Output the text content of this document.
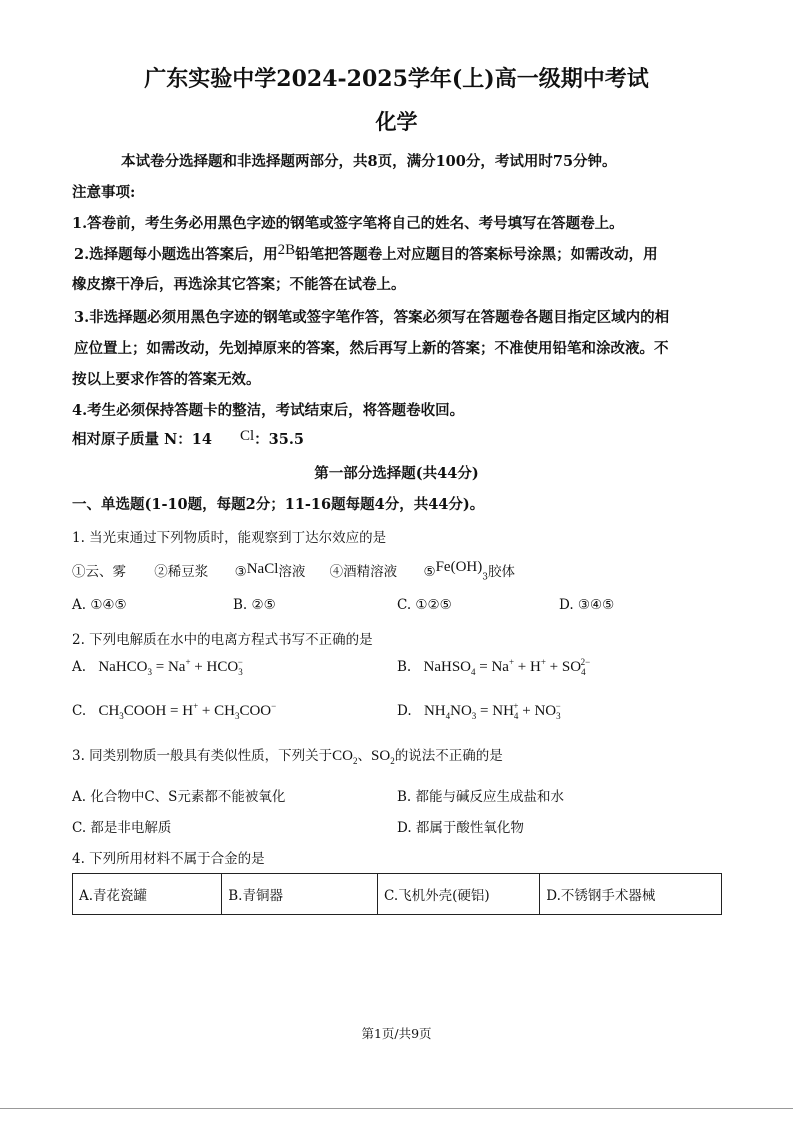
广东实验中学2024-2025学年(上)高一级期中考试
化学
本试卷分选择题和非选择题两部分，共8页，满分100分，考试用时75分钟。
注意事项:
1.答卷前，考生务必用黑色字迹的钢笔或签字笔将自己的姓名、考号填写在答题卷上。
2.选择题每小题选出答案后，用2B铅笔把答题卷上对应题目的答案标号涂黑；如需改动，用
橡皮擦干净后，再选涂其它答案；不能答在试卷上。
3.非选择题必须用黑色字迹的钢笔或签字笔作答，答案必须写在答题卷各题目指定区域内的相
应位置上；如需改动，先划掉原来的答案，然后再写上新的答案；不准使用铅笔和涂改液。不
按以上要求作答的答案无效。
4.考生必须保持答题卡的整洁，考试结束后，将答题卷收回。
相对原子质量 N：14 Cl：35.5
第一部分选择题(共44分)
一、单选题(1-10题，每题2分；11-16题每题4分，共44分)。
1. 当光束通过下列物质时，能观察到丁达尔效应的是
①云、雾 ②稀豆浆 ③NaCl溶液 ④酒精溶液 $⑤Fe(OH)_3$胶体
A. ①④⑤	B. ②⑤	C. ①②⑤	D. ③④⑤
2. 下列电解质在水中的电离方程式书写不正确的是
A. NaHCO$_3$ = $Na^+ + HCO_3^-$	B. NaHSO$_4$ = $Na^+ + H^+ + SO_4^{2-}$
C. $CH_3COOH = H^+ + CH_3COO^-$	D. $NH_4NO_3 = NH_4^+ + NO_3^-$
3. 同类别物质一般具有类似性质，下列关于$CO_2$、$SO_2$的说法不正确的是
A. 化合物中C、S元素都不能被氧化	B. 都能与碱反应生成盐和水
C. 都是非电解质	D. 都属于酸性氧化物
4. 下列所用材料不属于合金的是
A.青花瓷罐	B.青铜器	C.飞机外壳(硬铝)	D.不锈钢手术器械
第1页/共9页
